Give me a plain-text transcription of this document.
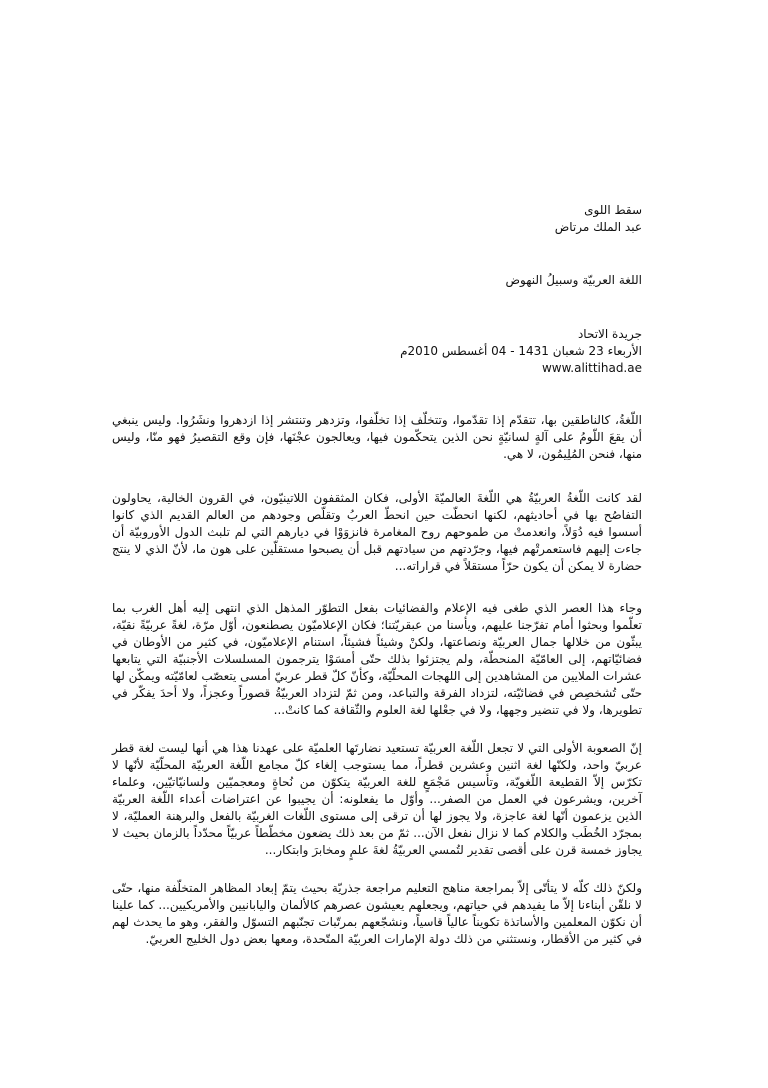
سقط اللوى
عبد الملك مرتاض
اللغة العربيّة وسبيلُ النهوض
جريدة الاتحاد
الأربعاء 23 شعبان 1431 - 04 أغسطس 2010م
www.alittihad.ae
اللّغةُ، كالناطقين بها، تتقدّم إذا تقدّموا، وتتخلّف إذا تخلّفوا، وتزدهر وتنتشر إذا ازدهروا ونشَرُوا. وليس ينبغي أن يقعَ اللّومُ على آلةٍ لسانيّةٍ نحن الذين يتحكّمون فيها، ويعالجون عجْنَها، فإن وقع التقصيرُ فهو منّا، وليس منها، فنحن المُلِيمُون، لا هي.
لقد كانت اللّغةُ العربيّةُ هي اللّغةَ العالميّةَ الأولى، فكان المثقفون اللاتينيّون، في القرون الخالية، يحاولون التفاصُح بها في أحاديثهم، لكنها انحطّت حين انحطّ العربُ وتقلّص وجودهم من العالم القديم الذي كانوا أسسوا فيه دُوَلاً، وانعدمتْ من طموحهم روح المغامرة فانزوَوْا في ديارهم التي لم تلبث الدول الأوروبيّة أن جاءت إليهم فاستعمرتْهم فيها، وجرّدتهم من سيادتهم قبل أن يصبحوا مستقلّين على هون ما، لأنّ الذي لا ينتج حضارة لا يمكن أن يكون حرّاً مستقلاً في قراراته...
وجاء هذا العصر الذي طغى فيه الإعلام والفضائيات بفعل التطوّر المذهل الذي انتهى إليه أهل الغرب بما تعلّموا وبحثوا أمام تفرّجنا عليهم، ويأسنا من عبقريّتنا؛ فكان الإعلاميّون يصطنعون، أوّل مرّة، لغةً عربيّةً نقيّة، يبثّون من خلالها جمال العربيّة ونصاعتها، ولكنْ وشيئاً فشيئاً، استنام الإعلاميّون، في كثير من الأوطان في فضائيّاتهم، إلى العامّيّة المنحطّة، ولم يجتزئوا بذلك حتّى أمسَوْا يترجمون المسلسلات الأجنبيّة التي يتابعها عشرات الملايين من المشاهدين إلى اللهجات المحلّيّة، وكأنّ كلّ قطر عربيّ أمسى يتعصّب لعامّيّته ويمكّن لها حتّى تُشخصِص في فضائيّته، لتزداد الفرقة والتباعد، ومن ثمّ لتزداد العربيّةُ قصوراً وعجزاً، ولا أحدَ يفكّر في تطويرها، ولا في تنضير وجهها، ولا في جعْلها لغة العلوم والثّقافة كما كانتْ...
إنّ الصعوبة الأولى التي لا تجعل اللّغة العربيّة تستعيد نضارتَها العلميّة على عهدنا هذا هي أنها ليست لغة قطر عربيّ واحد، ولكنّها لغة اثنين وعشرين قطراً، مما يستوجب إلغاء كلّ مجامع اللّغة العربيّة المحلّيّة لأنّها لا تكرّس إلاّ القطيعة اللّغويّة، وتأسيس مَجْمَعٍ للغة العربيّة يتكوّن من نُحاةٍ ومعجميّين ولسانيّاتيّين، وعلماء آخرين، ويشرعون في العمل من الصفر... وأوّل ما يفعلونه: أن يجيبوا عن اعتراضات أعداء اللّغة العربيّة الذين يزعمون أنّها لغة عاجزة، ولا يجوز لها أن ترقى إلى مستوى اللّغات الغربيّة بالفعل والبرهنة العمليّة، لا بمجرّد الخُطَب والكلام كما لا نزال نفعل الآن... ثمّ من بعد ذلك يضعون مخطّطاً عربيّاً محدّداً بالزمان بحيث لا يجاوز خمسة قرن على أقصى تقدير لتُمسي العربيّةُ لغةَ علمٍ ومخابرَ وابتكار...
ولكنّ ذلك كلّه لا يتأتّى إلاّ بمراجعة مناهج التعليم مراجعة جذريّة بحيث يتمّ إبعاد المظاهر المتخلّفة منها، حتّى لا نلقّن أبناءنا إلاّ ما يفيدهم في حياتهم، ويجعلهم يعيشون عصرهم كالألمان واليابانيين والأمريكيين... كما علينا أن نكوّن المعلمين والأساتذة تكويناً عالياً قاسياً، ونشجّعهم بمرتّبات تجنّبهم التسوّل والفقر، وهو ما يحدث لهم في كثير من الأقطار، ونستثني من ذلك دولة الإمارات العربيّة المتّحدة، ومعها بعض دول الخليج العربيّ.
